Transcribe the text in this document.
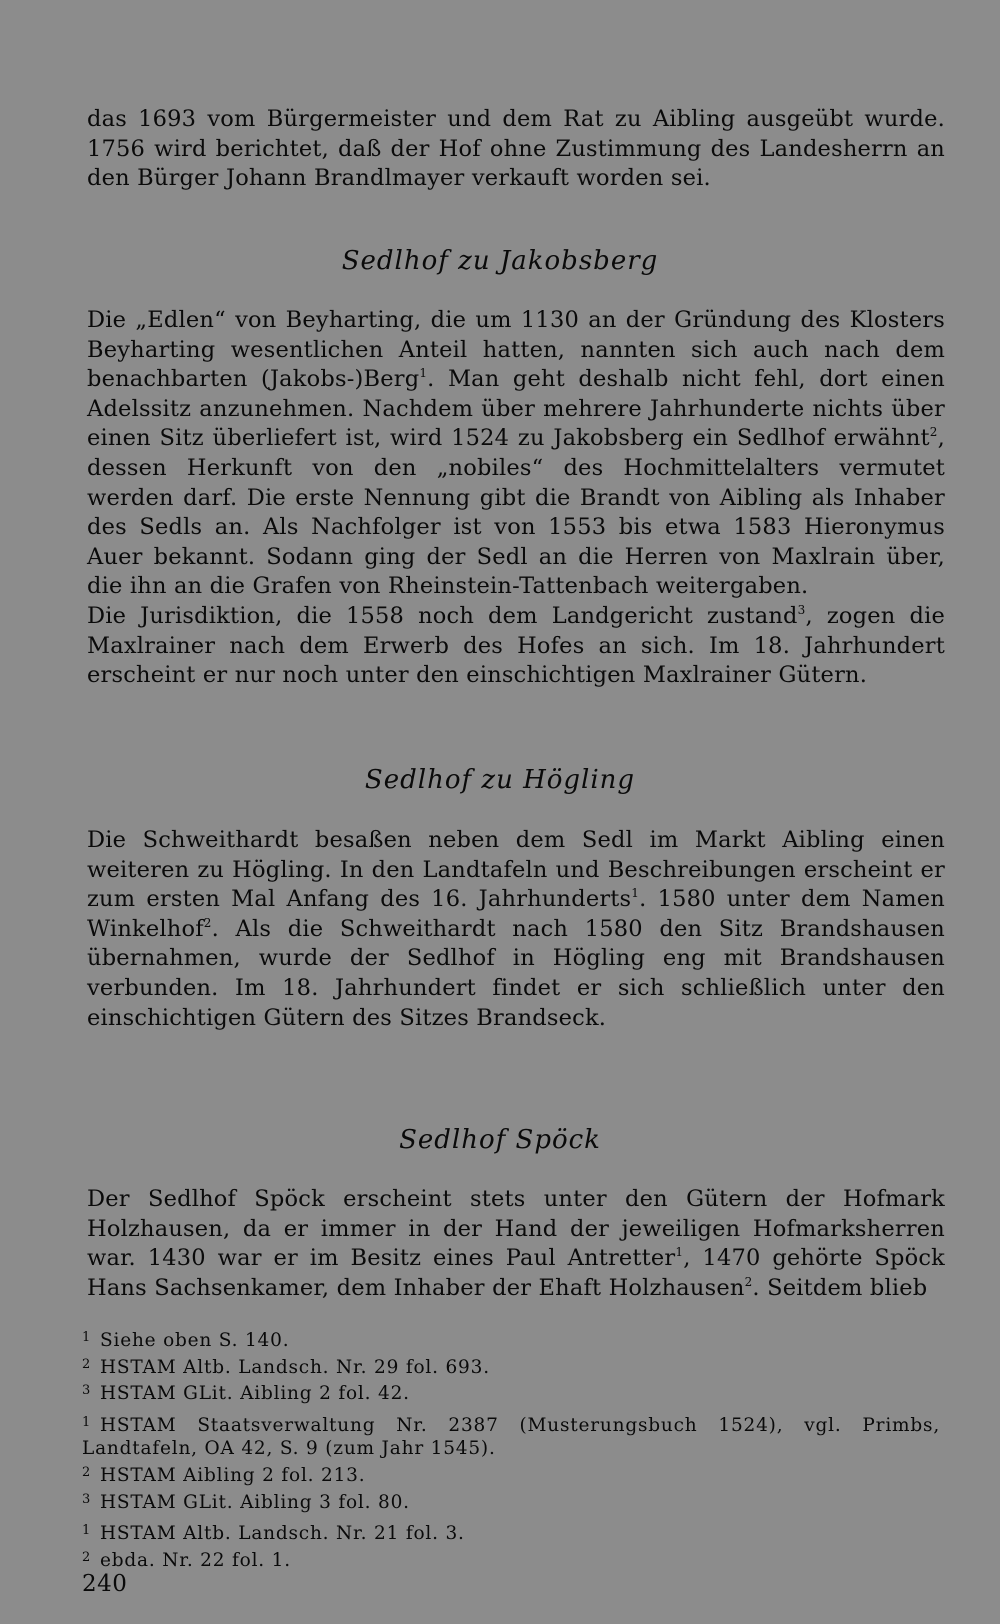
das 1693 vom Bürgermeister und dem Rat zu Aibling ausgeübt wurde. 1756 wird berichtet, daß der Hof ohne Zustimmung des Landesherrn an den Bürger Johann Brandlmayer verkauft worden sei.

Sedlhof zu Jakobsberg

Die „Edlen“ von Beyharting, die um 1130 an der Gründung des Klosters Beyharting wesentlichen Anteil hatten, nannten sich auch nach dem benachbarten (Jakobs-)Berg$^1$. Man geht deshalb nicht fehl, dort einen Adelssitz anzunehmen. Nachdem über mehrere Jahrhunderte nichts über einen Sitz überliefert ist, wird 1524 zu Jakobsberg ein Sedlhof erwähnt$^2$, dessen Herkunft von den „nobiles“ des Hochmittelalters vermutet werden darf. Die erste Nennung gibt die Brandt von Aibling als Inhaber des Sedls an. Als Nachfolger ist von 1553 bis etwa 1583 Hieronymus Auer bekannt. Sodann ging der Sedl an die Herren von Maxlrain über, die ihn an die Grafen von Rheinstein-Tattenbach weitergaben.

Die Jurisdiktion, die 1558 noch dem Landgericht zustand$^3$, zogen die Maxlrainer nach dem Erwerb des Hofes an sich. Im 18. Jahrhundert erscheint er nur noch unter den einschichtigen Maxlrainer Gütern.

Sedlhof zu Högling

Die Schweithardt besaßen neben dem Sedl im Markt Aibling einen weiteren zu Högling. In den Landtafeln und Beschreibungen erscheint er zum ersten Mal Anfang des 16. Jahrhunderts$^1$. 1580 unter dem Namen Winkelhof$^2$. Als die Schweithardt nach 1580 den Sitz Brandshausen übernahmen, wurde der Sedlhof in Högling eng mit Brandshausen verbunden. Im 18. Jahrhundert findet er sich schließlich unter den einschichtigen Gütern des Sitzes Brandseck.

Sedlhof Spöck

Der Sedlhof Spöck erscheint stets unter den Gütern der Hofmark Holzhausen, da er immer in der Hand der jeweiligen Hofmarksherren war. 1430 war er im Besitz eines Paul Antretter$^1$, 1470 gehörte Spöck Hans Sachsenkamer, dem Inhaber der Ehaft Holzhausen$^2$. Seitdem blieb

1 Siehe oben S. 140.
2 HSTAM Altb. Landsch. Nr. 29 fol. 693.
3 HSTAM GLit. Aibling 2 fol. 42.
1 HSTAM Staatsverwaltung Nr. 2387 (Musterungsbuch 1524), vgl. Primbs, Landtafeln, OA 42, S. 9 (zum Jahr 1545).
2 HSTAM Aibling 2 fol. 213.
3 HSTAM GLit. Aibling 3 fol. 80.
1 HSTAM Altb. Landsch. Nr. 21 fol. 3.
2 ebda. Nr. 22 fol. 1.
240
